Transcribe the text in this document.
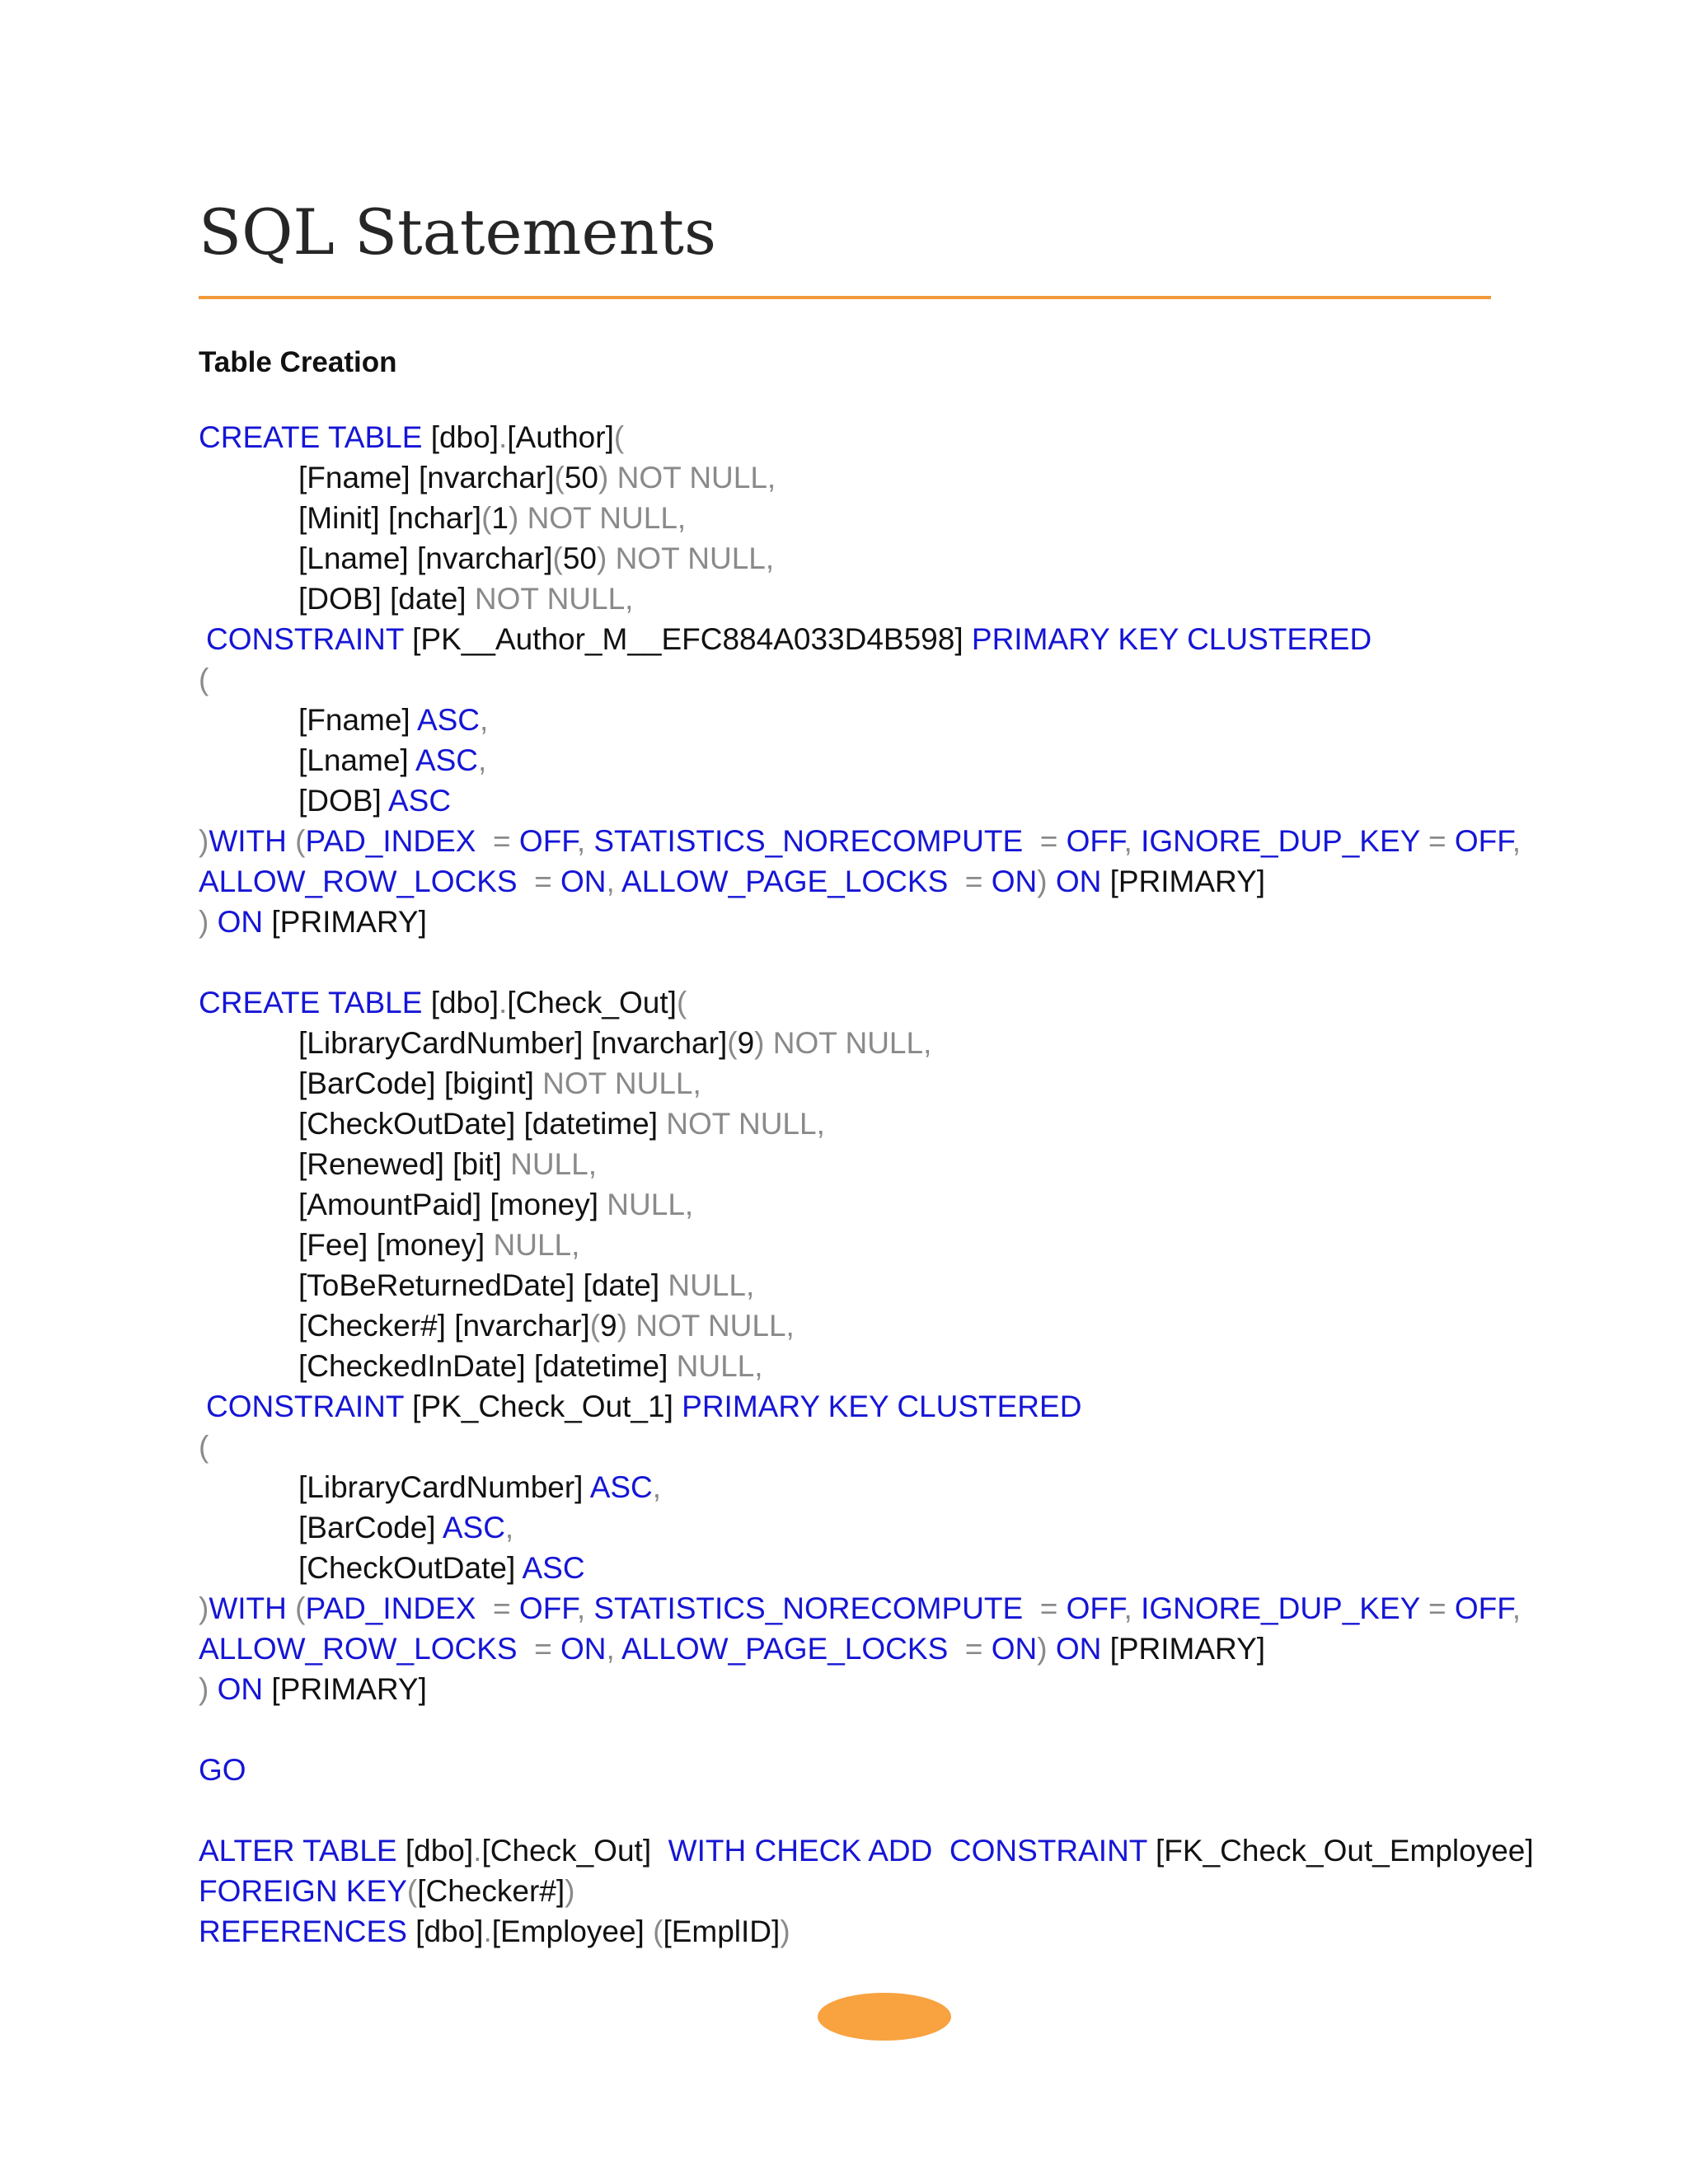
SQL Statements
Table Creation
CREATE TABLE [dbo].[Author](
[Fname] [nvarchar](50) NOT NULL,
[Minit] [nchar](1) NOT NULL,
[Lname] [nvarchar](50) NOT NULL,
[DOB] [date] NOT NULL,
CONSTRAINT [PK__Author_M__EFC884A033D4B598] PRIMARY KEY CLUSTERED
(
[Fname] ASC,
[Lname] ASC,
[DOB] ASC
)WITH (PAD_INDEX  = OFF, STATISTICS_NORECOMPUTE  = OFF, IGNORE_DUP_KEY = OFF,
ALLOW_ROW_LOCKS  = ON, ALLOW_PAGE_LOCKS  = ON) ON [PRIMARY]
) ON [PRIMARY]
CREATE TABLE [dbo].[Check_Out](
[LibraryCardNumber] [nvarchar](9) NOT NULL,
[BarCode] [bigint] NOT NULL,
[CheckOutDate] [datetime] NOT NULL,
[Renewed] [bit] NULL,
[AmountPaid] [money] NULL,
[Fee] [money] NULL,
[ToBeReturnedDate] [date] NULL,
[Checker#] [nvarchar](9) NOT NULL,
[CheckedInDate] [datetime] NULL,
CONSTRAINT [PK_Check_Out_1] PRIMARY KEY CLUSTERED
(
[LibraryCardNumber] ASC,
[BarCode] ASC,
[CheckOutDate] ASC
)WITH (PAD_INDEX  = OFF, STATISTICS_NORECOMPUTE  = OFF, IGNORE_DUP_KEY = OFF,
ALLOW_ROW_LOCKS  = ON, ALLOW_PAGE_LOCKS  = ON) ON [PRIMARY]
) ON [PRIMARY]
GO
ALTER TABLE [dbo].[Check_Out]  WITH CHECK ADD  CONSTRAINT [FK_Check_Out_Employee]
FOREIGN KEY([Checker#])
REFERENCES [dbo].[Employee] ([EmplID])
